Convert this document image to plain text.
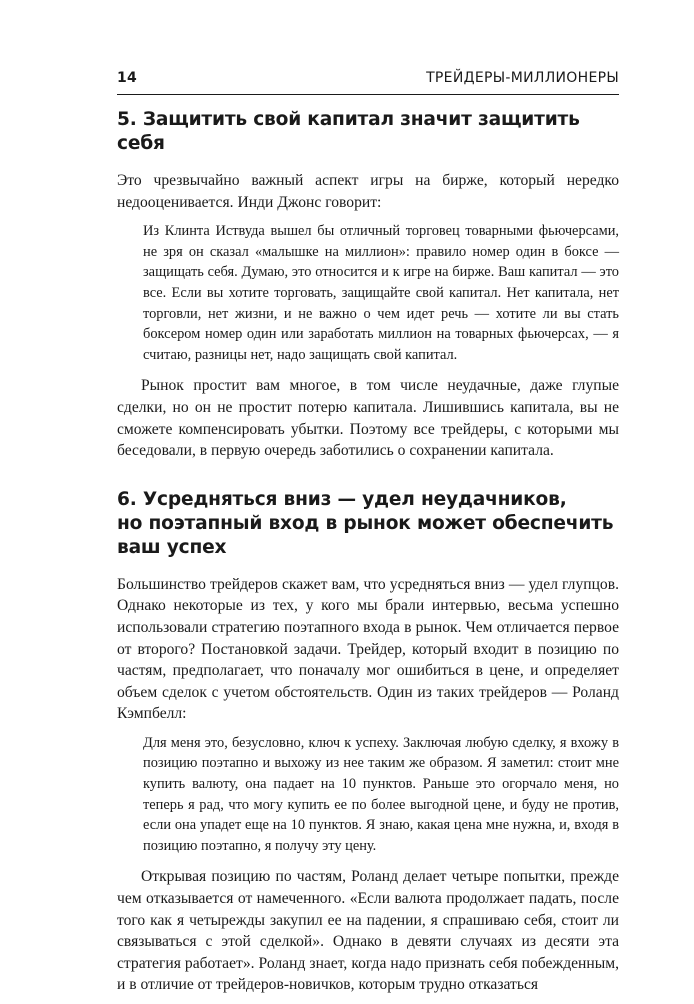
14	ТРЕЙДЕРЫ-МИЛЛИОНЕРЫ
5. Защитить свой капитал значит защитить себя

Это чрезвычайно важный аспект игры на бирже, который нередко недооценивается. Инди Джонс говорит:

Из Клинта Иствуда вышел бы отличный торговец товарными фьючерсами, не зря он сказал «малышке на миллион»: правило номер один в боксе — защищать себя. Думаю, это относится и к игре на бирже. Ваш капитал — это все. Если вы хотите торговать, защищайте свой капитал. Нет капитала, нет торговли, нет жизни, и не важно о чем идет речь — хотите ли вы стать боксером номер один или заработать миллион на товарных фьючерсах, — я считаю, разницы нет, надо защищать свой капитал.

Рынок простит вам многое, в том числе неудачные, даже глупые сделки, но он не простит потерю капитала. Лишившись капитала, вы не сможете компенсировать убытки. Поэтому все трейдеры, с которыми мы беседовали, в первую очередь заботились о сохранении капитала.

6. Усредняться вниз — удел неудачников,
но поэтапный вход в рынок может обеспечить
ваш успех

Большинство трейдеров скажет вам, что усредняться вниз — удел глупцов. Однако некоторые из тех, у кого мы брали интервью, весьма успешно использовали стратегию поэтапного входа в рынок. Чем отличается первое от второго? Постановкой задачи. Трейдер, который входит в позицию по частям, предполагает, что поначалу мог ошибиться в цене, и определяет объем сделок с учетом обстоятельств. Один из таких трейдеров — Роланд Кэмпбелл:

Для меня это, безусловно, ключ к успеху. Заключая любую сделку, я вхожу в позицию поэтапно и выхожу из нее таким же образом. Я заметил: стоит мне купить валюту, она падает на 10 пунктов. Раньше это огорчало меня, но теперь я рад, что могу купить ее по более выгодной цене, и буду не против, если она упадет еще на 10 пунктов. Я знаю, какая цена мне нужна, и, входя в позицию поэтапно, я получу эту цену.

Открывая позицию по частям, Роланд делает четыре попытки, прежде чем отказывается от намеченного. «Если валюта продолжает падать, после того как я четырежды закупил ее на падении, я спрашиваю себя, стоит ли связываться с этой сделкой». Однако в девяти случаях из десяти эта стратегия работает». Роланд знает, когда надо признать себя побежденным, и в отличие от трейдеров-новичков, которым трудно отказаться
